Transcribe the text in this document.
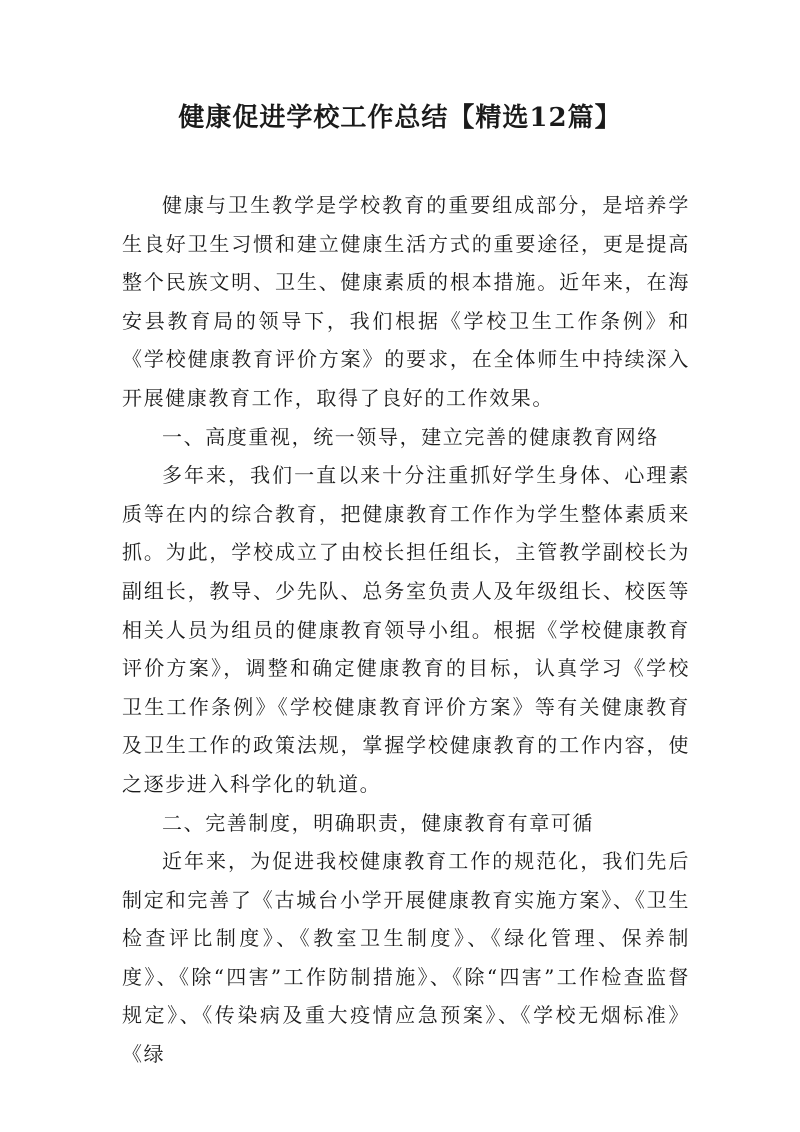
健康促进学校工作总结【精选12篇】

健康与卫生教学是学校教育的重要组成部分，是培养学生良好卫生习惯和建立健康生活方式的重要途径，更是提高整个民族文明、卫生、健康素质的根本措施。近年来，在海安县教育局的领导下，我们根据《学校卫生工作条例》和《学校健康教育评价方案》的要求，在全体师生中持续深入开展健康教育工作，取得了良好的工作效果。

一、高度重视，统一领导，建立完善的健康教育网络

多年来，我们一直以来十分注重抓好学生身体、心理素质等在内的综合教育，把健康教育工作作为学生整体素质来抓。为此，学校成立了由校长担任组长，主管教学副校长为副组长，教导、少先队、总务室负责人及年级组长、校医等相关人员为组员的健康教育领导小组。根据《学校健康教育评价方案》，调整和确定健康教育的目标，认真学习《学校卫生工作条例》《学校健康教育评价方案》等有关健康教育及卫生工作的政策法规，掌握学校健康教育的工作内容，使之逐步进入科学化的轨道。

二、完善制度，明确职责，健康教育有章可循

近年来，为促进我校健康教育工作的规范化，我们先后制定和完善了《古城台小学开展健康教育实施方案》、《卫生检查评比制度》、《教室卫生制度》、《绿化管理、保养制度》、《除“四害”工作防制措施》、《除“四害”工作检查监督规定》、《传染病及重大疫情应急预案》、《学校无烟标准》《绿
